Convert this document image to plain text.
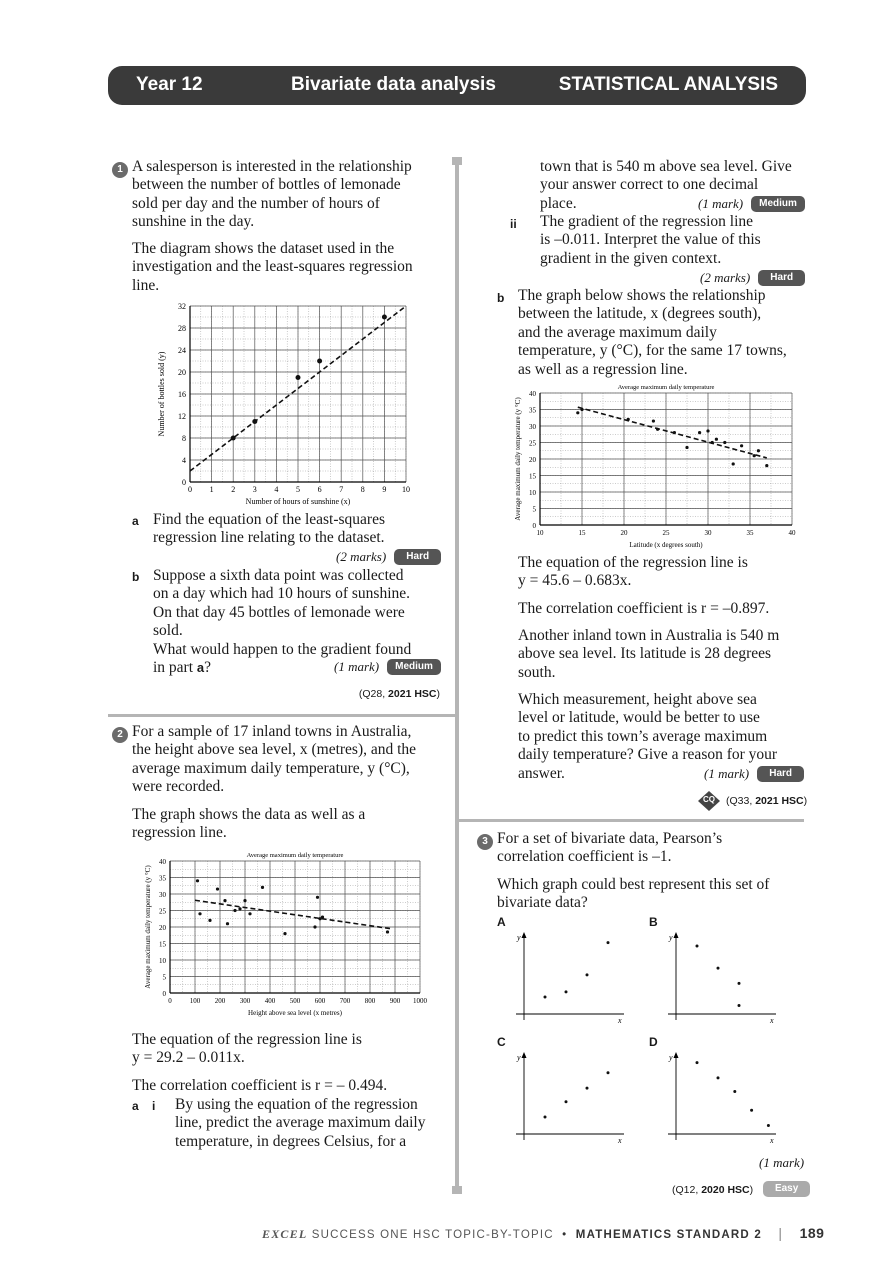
Year 12	Bivariate data analysis	STATISTICAL ANALYSIS
1 A salesperson is interested in the relationship
between the number of bottles of lemonade
sold per day and the number of hours of
sunshine in the day.
The diagram shows the dataset used in the
investigation and the least-squares regression
line.
0 1 2 3 4 5 6 7 8 9 10
0
4
8
12
16
20
24
28
32
Number of hours of sunshine (x)
Number of bottles sold (y)
a Find the equation of the least-squares
regression line relating to the dataset.
(2 marks) Hard
b Suppose a sixth data point was collected
on a day which had 10 hours of sunshine.
On that day 45 bottles of lemonade were
sold.
What would happen to the gradient found
in part a?	(1 mark) Medium
(Q28, 2021 HSC)
2 For a sample of 17 inland towns in Australia,
the height above sea level, x (metres), and the
average maximum daily temperature, y (°C),
were recorded.
The graph shows the data as well as a
regression line.
0	100 200 300 400 500 600 700 800 900 1000
0
5
10
15
20
25
30
35
40
Height above sea level (x metres)
Average maximum daily temperature (y °C)
Average maximum daily temperature
The equation of the regression line is
y = 29.2 – 0.011x.
The correlation coefficient is r = – 0.494.
a i By using the equation of the regression
line, predict the average maximum daily
temperature, in degrees Celsius, for a
town that is 540 m above sea level. Give
your answer correct to one decimal
place.	(1 mark) Medium
ii The gradient of the regression line
is –0.011. Interpret the value of this
gradient in the given context.
(2 marks) Hard
b The graph below shows the relationship
between the latitude, x (degrees south),
and the average maximum daily
temperature, y (°C), for the same 17 towns,
as well as a regression line.
10	15	20	25	30	35	40
0
5
10
15
20
25
30
35
40
Latitude (x degrees south)
Average maximum daily temperature (y °C)
Average maximum daily temperature
The equation of the regression line is
y = 45.6 – 0.683x.
The correlation coefficient is r = –0.897.
Another inland town in Australia is 540 m
above sea level. Its latitude is 28 degrees
south.
Which measurement, height above sea
level or latitude, would be better to use
to predict this town’s average maximum
daily temperature? Give a reason for your
answer.	(1 mark) Hard
CQ	(Q33, 2021 HSC)
3 For a set of bivariate data, Pearson’s
correlation coefficient is –1.
Which graph could best represent this set of
bivariate data?
A	B
C	D
y
x
y
x
y
x
y
x
(1 mark)
(Q12, 2020 HSC) Easy
EXCEL SUCCESS ONE HSC TOPIC-BY-TOPIC • MATHEMATICS STANDARD 2 | 189
